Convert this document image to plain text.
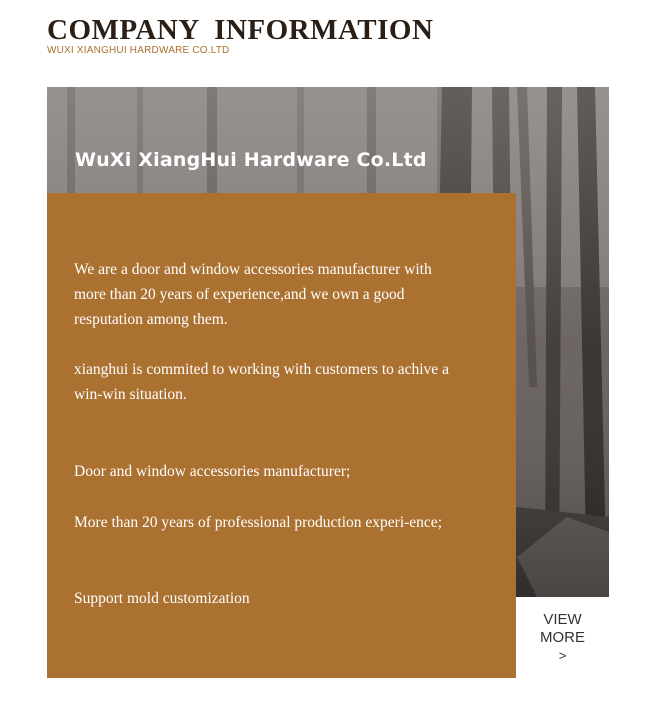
COMPANY  INFORMATION
WUXI XIANGHUI HARDWARE CO.LTD
WuXi XiangHui Hardware Co.Ltd

We are a door and window accessories manufacturer with more than 20 years of experience,and we own a good resputation among them.

xianghui is commited to working with customers to achive a win-win situation.

Door and window accessories manufacturer;

More than 20 years of professional production experi-ence;

Support mold customization

VIEW
MORE
>
